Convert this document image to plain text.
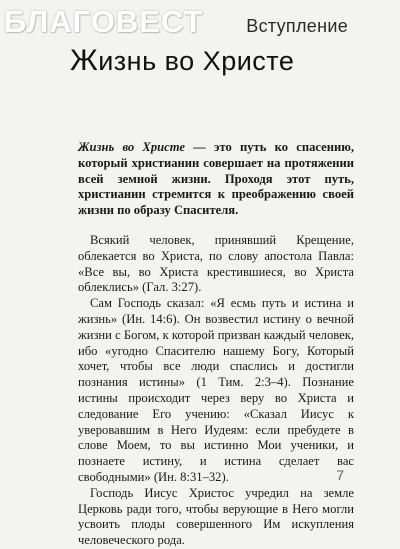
БЛАГОВЕСТ Вступление
Жизнь во Христе
Жизнь во Христе — это путь ко спасению, который христианин совершает на протяжении всей земной жизни. Проходя этот путь, христианин стремится к преображению своей жизни по образу Спасителя.

Всякий человек, принявший Крещение, облекается во Христа, по слову апостола Павла: «Все вы, во Христа крестившиеся, во Христа облеклись» (Гал. 3:27).

Сам Господь сказал: «Я есмь путь и истина и жизнь» (Ин. 14:6). Он возвестил истину о вечной жизни с Богом, к которой призван каждый человек, ибо «угодно Спасителю нашему Богу, Который хочет, чтобы все люди спаслись и достигли познания истины» (1 Тим. 2:3–4). Познание истины происходит через веру во Христа и следование Его учению: «Сказал Иисус к уверовавшим в Него Иудеям: если пребудете в слове Моем, то вы истинно Мои ученики, и познаете истину, и истина сделает вас свободными» (Ин. 8:31–32).

Господь Иисус Христос учредил на земле Церковь ради того, чтобы верующие в Него могли усвоить плоды совершенного Им искупления человеческого рода.

7
